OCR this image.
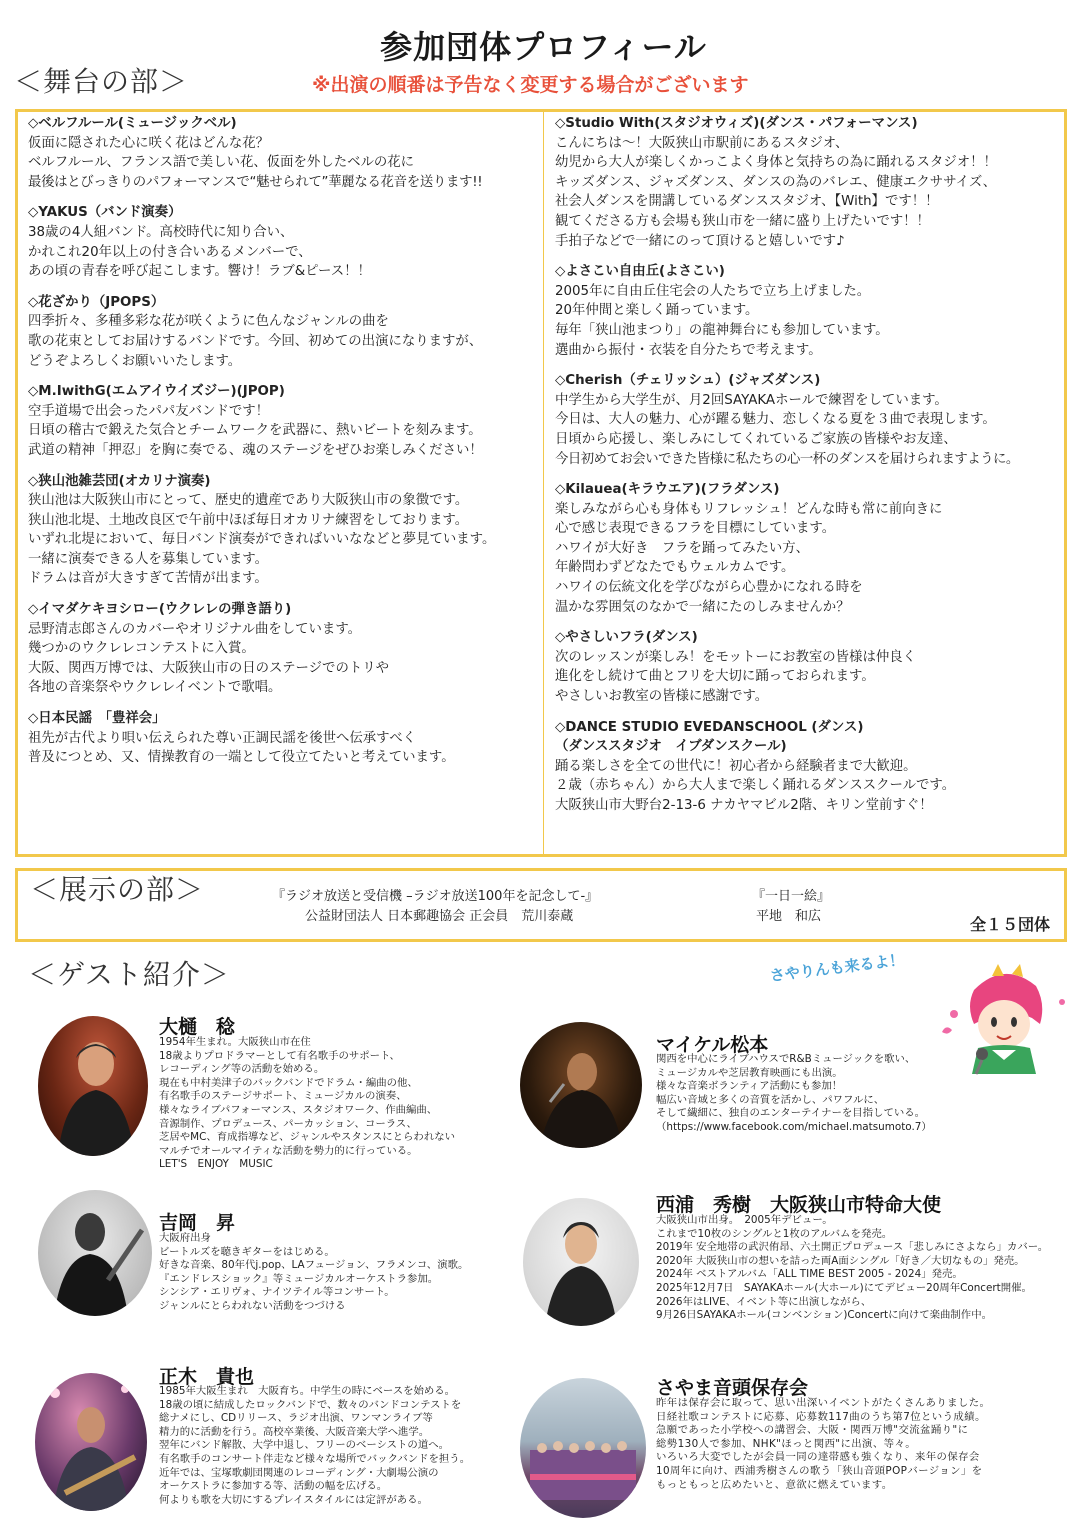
参加団体プロフィール
＜舞台の部＞	※出演の順番は予告なく変更する場合がございます
◇ベルフルール(ミュージックベル)
仮面に隠された心に咲く花はどんな花？
ベルフルール、フランス語で美しい花、仮面を外したベルの花に
最後はとびっきりのパフォーマンスで“魅せられて”華麗なる花音を送ります!!
◇YAKUS（バンド演奏）
38歳の4人組バンド。高校時代に知り合い、
かれこれ20年以上の付き合いあるメンバーで、
あの頃の青春を呼び起こします。響け！ラブ&ピース！！
◇花ざかり（JPOPS）
四季折々、多種多彩な花が咲くように色んなジャンルの曲を
歌の花束としてお届けするバンドです。今回、初めての出演になりますが、
どうぞよろしくお願いいたします。
◇M.IwithG(エムアイウイズジー)(JPOP)
空手道場で出会ったパパ友バンドです！
日頃の稽古で鍛えた気合とチームワークを武器に、熱いビートを刻みます。
武道の精神「押忍」を胸に奏でる、魂のステージをぜひお楽しみください！
◇狭山池雑芸団(オカリナ演奏)
狭山池は大阪狭山市にとって、歴史的遺産であり大阪狭山市の象徴です。
狭山池北堤、土地改良区で午前中ほぼ毎日オカリナ練習をしております。
いずれ北堤において、毎日バンド演奏ができればいいななどと夢見ています。
一緒に演奏できる人を募集しています。
ドラムは音が大きすぎて苦情が出ます。
◇イマダケキヨシロー(ウクレレの弾き語り)
忌野清志郎さんのカバーやオリジナル曲をしています。
幾つかのウクレレコンテストに入賞。
大阪、関西万博では、大阪狭山市の日のステージでのトリや
各地の音楽祭やウクレレイベントで歌唱。
◇日本民謡　「豊祥会」
祖先が古代より唄い伝えられた尊い正調民謡を後世へ伝承すべく
普及につとめ、又、情操教育の一端として役立てたいと考えています。
◇Studio With(スタジオウィズ)(ダンス・パフォーマンス)
こんにちは～！大阪狭山市駅前にあるスタジオ、
幼児から大人が楽しくかっこよく身体と気持ちの為に踊れるスタジオ！！
キッズダンス、ジャズダンス、ダンスの為のバレエ、健康エクササイズ、
社会人ダンスを開講しているダンススタジオ、【With】です！！
観てくださる方も会場も狭山市を一緒に盛り上げたいです！！
手拍子などで一緒にのって頂けると嬉しいです♪
◇よさこい自由丘(よさこい)
2005年に自由丘住宅会の人たちで立ち上げました。
20年仲間と楽しく踊っています。
毎年「狭山池まつり」の龍神舞台にも参加しています。
選曲から振付・衣装を自分たちで考えます。
◇Cherish（チェリッシュ）(ジャズダンス)
中学生から大学生が、月2回SAYAKAホールで練習をしています。
今日は、大人の魅力、心が躍る魅力、恋しくなる夏を３曲で表現します。
日頃から応援し、楽しみにしてくれているご家族の皆様やお友達、
今日初めてお会いできた皆様に私たちの心一杯のダンスを届けられますように。
◇Kilauea(キラウエア)(フラダンス)
楽しみながら心も身体もリフレッシュ！どんな時も常に前向きに
心で感じ表現できるフラを目標にしています。
ハワイが大好き　フラを踊ってみたい方、
年齢問わずどなたでもウェルカムです。
ハワイの伝統文化を学びながら心豊かになれる時を
温かな雰囲気のなかで一緒にたのしみませんか？
◇やさしいフラ(ダンス)
次のレッスンが楽しみ！をモットーにお教室の皆様は仲良く
進化をし続けて曲とフリを大切に踊っておられます。
やさしいお教室の皆様に感謝です。
◇DANCE STUDIO EVEDANSCHOOL (ダンス)
（ダンススタジオ　イブダンスクール)
踊る楽しさを全ての世代に！初心者から経験者まで大歓迎。
２歳（赤ちゃん）から大人まで楽しく踊れるダンススクールです。
大阪狭山市大野台2-13-6 ナカヤマビル2階、キリン堂前すぐ！
＜展示の部＞	『ラジオ放送と受信機 –ラジオ放送100年を記念して-』
公益財団法人 日本郵趣協会 正会員　荒川泰蔵
『一日一絵』
平地　和広	全１５団体
＜ゲスト紹介＞	さやりんも来るよ！
大樋　稔
1954年生まれ。大阪狭山市在住
18歳よりプロドラマーとして有名歌手のサポート、
レコーディング等の活動を始める。
現在も中村美津子のバックバンドでドラム・編曲の他、
有名歌手のステージサポート、ミュージカルの演奏、
様々なライブパフォーマンス、スタジオワーク、作曲編曲、
音源制作、プロデュース、パーカッション、コーラス、
芝居やMC、育成指導など、ジャンルやスタンスにとらわれない
マルチでオールマイティな活動を勢力的に行っている。
LET'S　ENJOY　MUSIC
マイケル松本
関西を中心にライブハウスでR&Bミュージックを歌い、
ミュージカルや芝居教育映画にも出演。
様々な音楽ボランティア活動にも参加！
幅広い音域と多くの音質を活かし、パワフルに、
そして繊細に、独自のエンターテイナーを目指している。
（https://www.facebook.com/michael.matsumoto.7）
吉岡　昇
大阪府出身
ビートルズを聴きギターをはじめる。
好きな音楽、80年代j.pop、LAフュージョン、フラメンコ、演歌。
『エンドレスショック』等ミュージカルオーケストラ参加。
シンシア・エリヴォ、ナイツテイル等コンサート。
ジャンルにとらわれない活動をつづける
西浦　秀樹　大阪狭山市特命大使
大阪狭山市出身。　2005年デビュー。
これまで10枚のシングルと1枚のアルバムを発売。
2019年 安全地帯の武沢侑昂、六土開正プロデュース「悲しみにさよなら」カバー。
2020年 大阪狭山市の想いを詰った両A面シングル「好き／大切なもの」発売。
2024年 ベストアルバム「ALL TIME BEST 2005 - 2024」発売。
2025年12月7日　SAYAKAホール(大ホール)にてデビュー20周年Concert開催。
2026年はLIVE、イベント等に出演しながら、
9月26日SAYAKAホール(コンベンション)Concertに向けて楽曲制作中。
正木　貴也
1985年大阪生まれ　大阪育ち。中学生の時にベースを始める。
18歳の頃に結成したロックバンドで、数々のバンドコンテストを
総ナメにし、CDリリース、ラジオ出演、ワンマンライブ等
精力的に活動を行う。高校卒業後、大阪音楽大学へ進学。
翌年にバンド解散、大学中退し、フリーのベーシストの道へ。
有名歌手のコンサート伴走など様々な場所でバックバンドを担う。
近年では、宝塚歌劇団関連のレコーディング・大劇場公演の
オーケストラに参加する等、活動の幅を広げる。
何よりも歌を大切にするプレイスタイルには定評がある。
さやま音頭保存会
昨年は保存会に取って、思い出深いイベントがたくさんありました。
日経社歌コンテストに応募、応募数117曲のうち第7位という成績。
急願であった小学校への講習会、大阪・関西万博"交流盆踊り"に
総勢130人で参加、NHK"ほっと関西"に出演、等々。
いろいろ大変でしたが会員一同の達帯感も強くなり、来年の保存会
10周年に向け、西浦秀樹さんの歌う「狭山音頭POPバージョン」を
もっともっと広めたいと、意欲に燃えています。
